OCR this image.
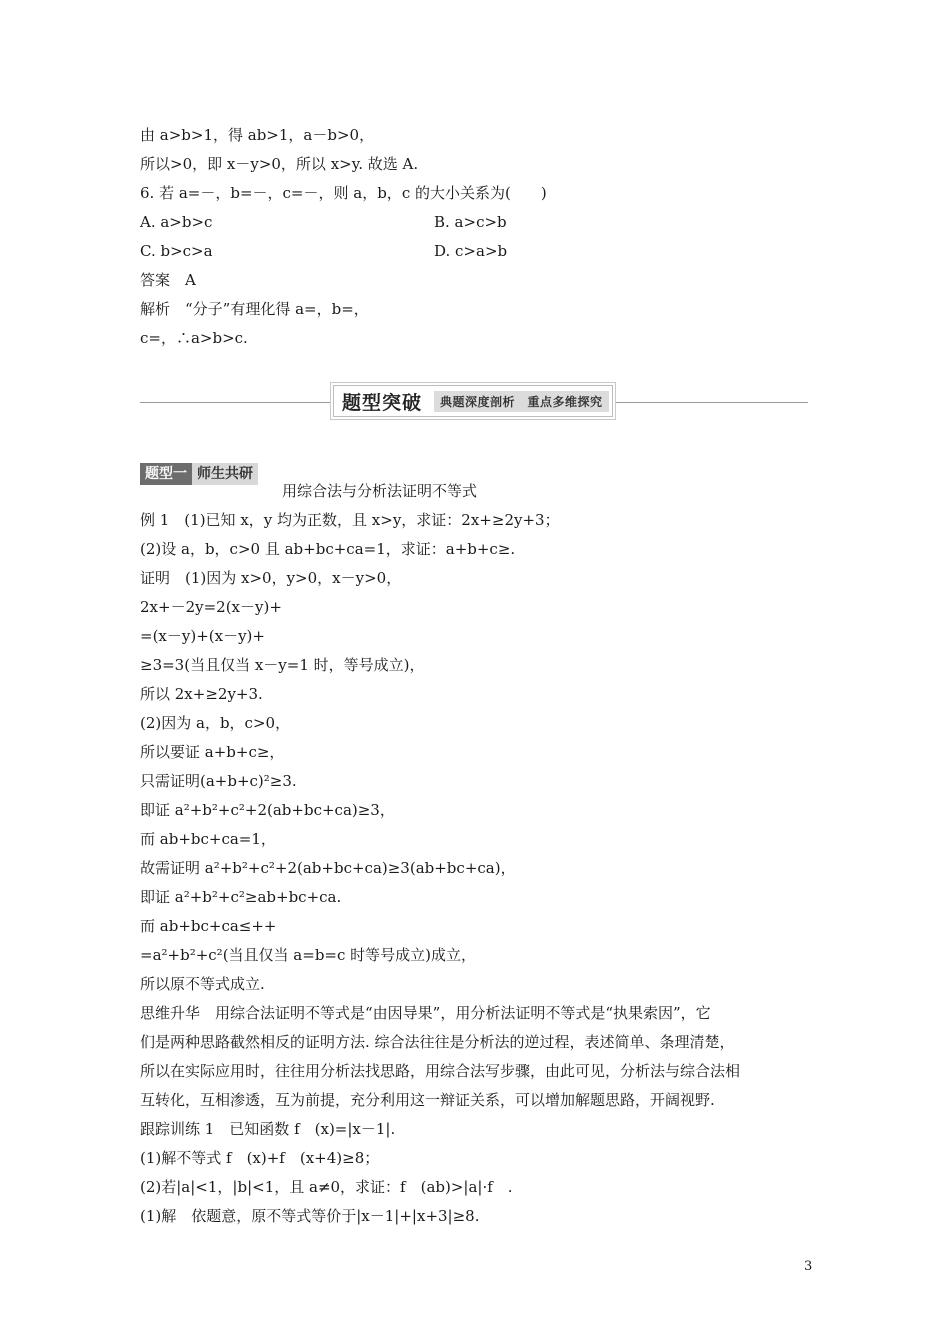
由 a>b>1，得 ab>1，a－b>0，
所以>0，即 x－y>0，所以 x>y. 故选 A.
6. 若 a=－，b=－，c=－，则 a，b，c 的大小关系为(　　)
A. a>b>c	B. a>c>b
C. b>c>a	D. c>a>b
答案　A
解析　“分子”有理化得 a=，b=，
c=，∴a>b>c.
题型突破	典题深度剖析　重点多维探究
题型一 师生共研
用综合法与分析法证明不等式
例 1　(1)已知 x，y 均为正数，且 x>y，求证：2x+≥2y+3；
(2)设 a，b，c>0 且 ab+bc+ca=1，求证：a+b+c≥.
证明　(1)因为 x>0，y>0，x－y>0，
2x+－2y=2(x－y)+
=(x－y)+(x－y)+
≥3=3(当且仅当 x－y=1 时，等号成立)，
所以 2x+≥2y+3.
(2)因为 a，b，c>0，
所以要证 a+b+c≥，
只需证明(a+b+c)²≥3.
即证 a²+b²+c²+2(ab+bc+ca)≥3，
而 ab+bc+ca=1，
故需证明 a²+b²+c²+2(ab+bc+ca)≥3(ab+bc+ca)，
即证 a²+b²+c²≥ab+bc+ca.
而 ab+bc+ca≤++
=a²+b²+c²(当且仅当 a=b=c 时等号成立)成立，
所以原不等式成立.
思维升华　用综合法证明不等式是“由因导果”，用分析法证明不等式是“执果索因”，它
们是两种思路截然相反的证明方法. 综合法往往是分析法的逆过程，表述简单、条理清楚，
所以在实际应用时，往往用分析法找思路，用综合法写步骤，由此可见，分析法与综合法相
互转化，互相渗透，互为前提，充分利用这一辩证关系，可以增加解题思路，开阔视野.
跟踪训练 1　已知函数 f　(x)=|x－1|.
(1)解不等式 f　(x)+f　(x+4)≥8；
(2)若|a|<1，|b|<1，且 a≠0，求证：f　(ab)>|a|·f　.
(1)解　依题意，原不等式等价于|x－1|+|x+3|≥8.
3
